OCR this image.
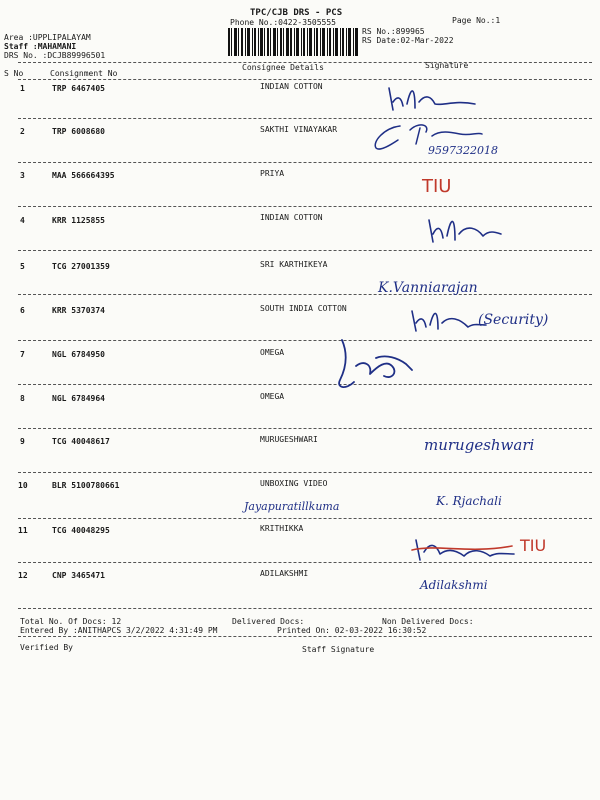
TPC/CJB DRS - PCS
Phone No.:0422-3505555	Page No.:1
Area :UPPLIPALAYAM
Staff :MAHAMANI
DRS No. :DCJB89996501
RS No.:899965
RS Date:02-Mar-2022
Consignee Details	Signature
S No	Consignment No
1	TRP 6467405	INDIAN COTTON
2	TRP 6008680	SAKTHI VINAYAKAR
3	MAA 566664395	PRIYA
4	KRR 1125855	INDIAN COTTON
5	TCG 27001359	SRI KARTHIKEYA
6	KRR 5370374	SOUTH INDIA COTTON
7	NGL 6784950	OMEGA
8	NGL 6784964	OMEGA
9	TCG 40048617	MURUGESHWARI
10	BLR 5100780661	UNBOXING VIDEO
11	TCG 40048295	KRITHIKKA
12	CNP 3465471	ADILAKSHMI
9597322018
TIU
K.Vanniarajan
(Security)
murugeshwari
Jayapuratillkuma	K. Rjachali
TIU
Adilakshmi
Total No. Of Docs: 12	Delivered Docs:	Non Delivered Docs:
Entered By :ANITHAPCS 3/2/2022 4:31:49 PM	Printed On: 02-03-2022 16:30:52
Verified By	Staff Signature
